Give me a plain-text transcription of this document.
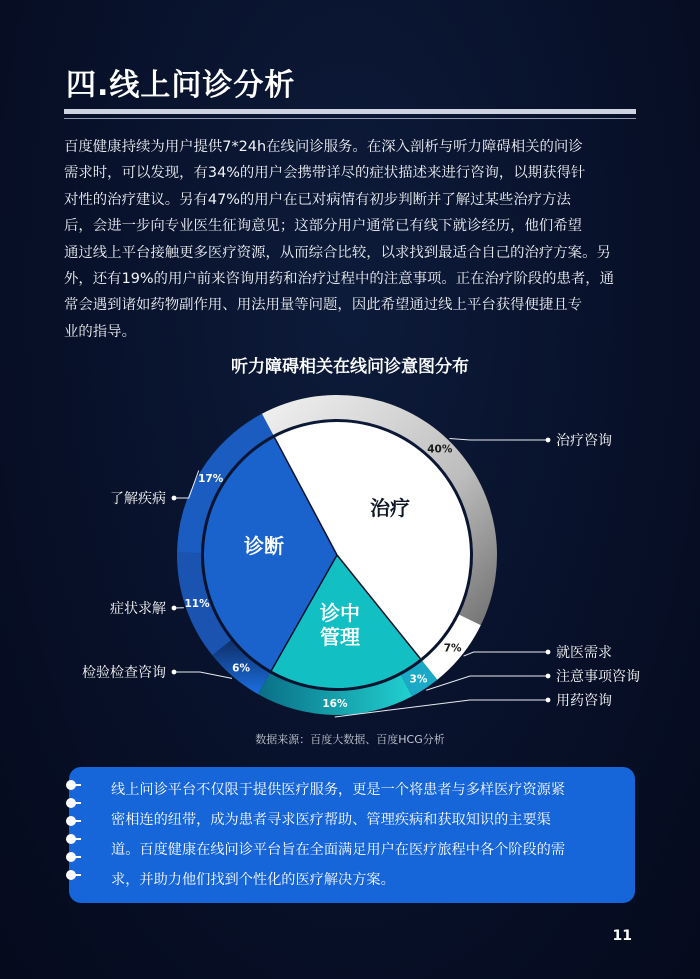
四.线上问诊分析
百度健康持续为用户提供7*24h在线问诊服务。在深入剖析与听力障碍相关的问诊
需求时，可以发现，有34%的用户会携带详尽的症状描述来进行咨询，以期获得针
对性的治疗建议。另有47%的用户在已对病情有初步判断并了解过某些治疗方法
后，会进一步向专业医生征询意见；这部分用户通常已有线下就诊经历，他们希望
通过线上平台接触更多医疗资源，从而综合比较，以求找到最适合自己的治疗方案。另
外，还有19%的用户前来咨询用药和治疗过程中的注意事项。正在治疗阶段的患者，通
常会遇到诸如药物副作用、用法用量等问题，因此希望通过线上平台获得便捷且专
业的指导。
听力障碍相关在线问诊意图分布
治疗
诊中管理
诊断
40%
7%
3%
16%
6%
11%
17%
治疗咨询
就医需求
注意事项咨询
用药咨询
检验检查咨询
症状求解
了解疾病
数据来源：百度大数据、百度HCG分析
线上问诊平台不仅限于提供医疗服务，更是一个将患者与多样医疗资源紧
密相连的纽带，成为患者寻求医疗帮助、管理疾病和获取知识的主要渠
道。百度健康在线问诊平台旨在全面满足用户在医疗旅程中各个阶段的需
求，并助力他们找到个性化的医疗解决方案。
11
